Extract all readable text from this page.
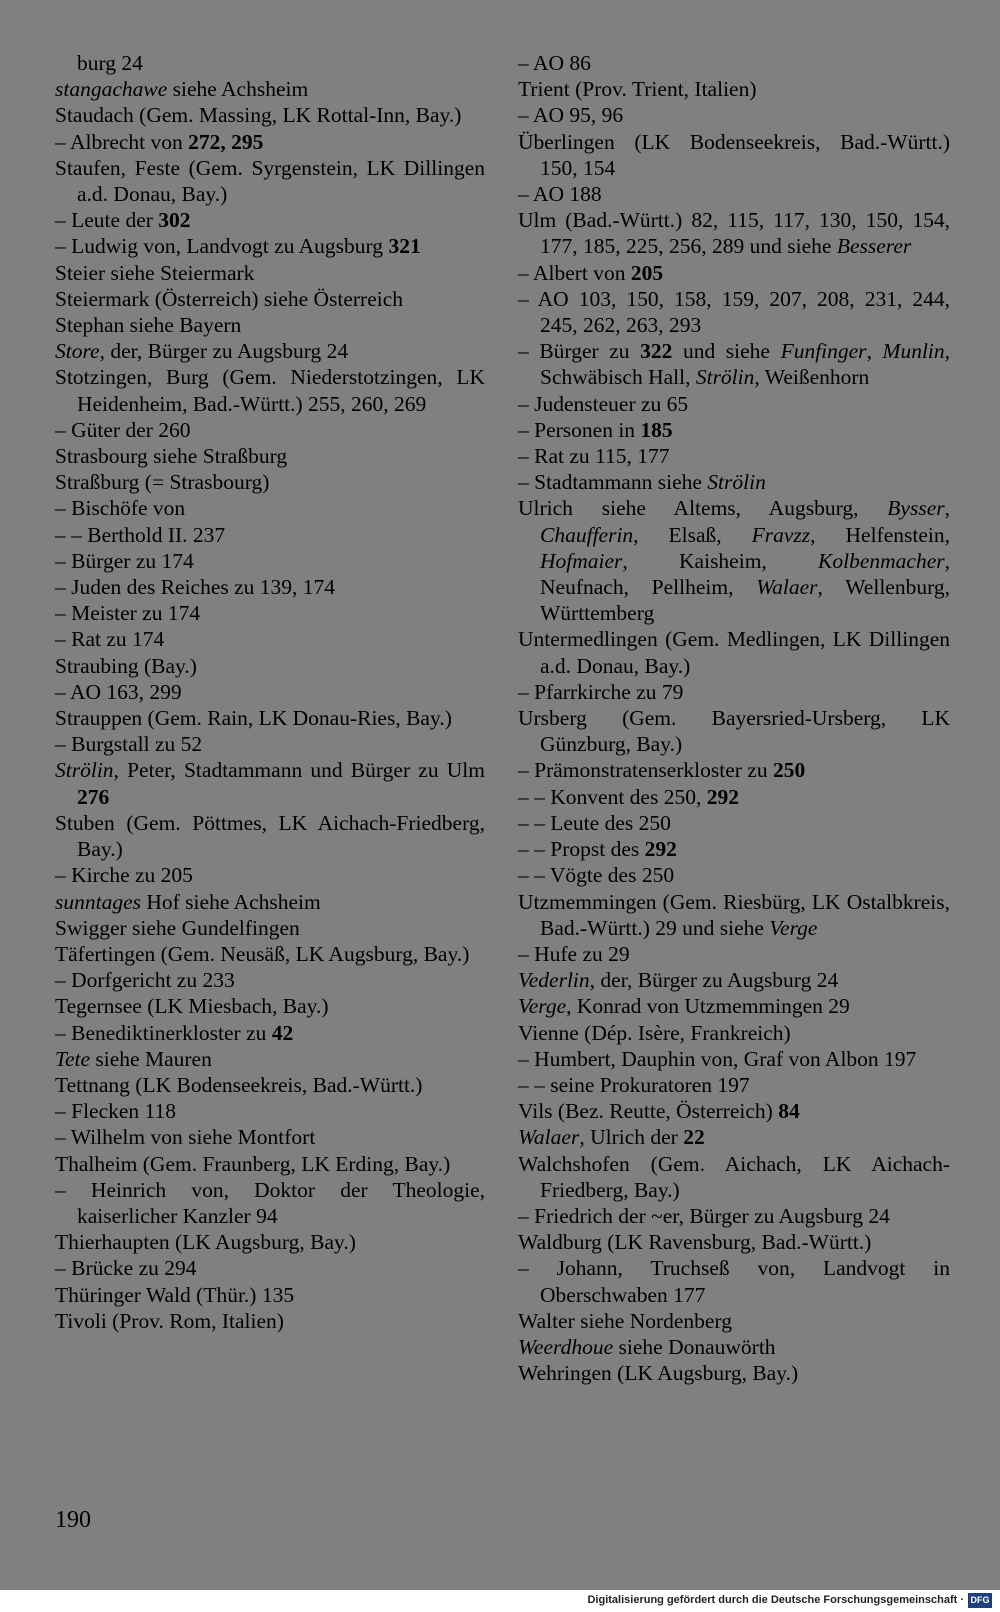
burg 24

stangachawe siehe Achsheim

Staudach (Gem. Massing, LK Rottal-Inn, Bay.)

– Albrecht von 272, 295

Staufen, Feste (Gem. Syrgenstein, LK Dillingen a.d. Donau, Bay.)

– Leute der 302

– Ludwig von, Landvogt zu Augsburg 321

Steier siehe Steiermark

Steiermark (Österreich) siehe Österreich

Stephan siehe Bayern

Store, der, Bürger zu Augsburg 24

Stotzingen, Burg (Gem. Niederstotzingen, LK Heidenheim, Bad.-Württ.) 255, 260, 269

– Güter der 260

Strasbourg siehe Straßburg

Straßburg (= Strasbourg)

– Bischöfe von

– – Berthold II. 237

– Bürger zu 174

– Juden des Reiches zu 139, 174

– Meister zu 174

– Rat zu 174

Straubing (Bay.)

– AO 163, 299

Strauppen (Gem. Rain, LK Donau-Ries, Bay.)

– Burgstall zu 52

Strölin, Peter, Stadtammann und Bürger zu Ulm 276

Stuben (Gem. Pöttmes, LK Aichach-Friedberg, Bay.)

– Kirche zu 205

sunntages Hof siehe Achsheim

Swigger siehe Gundelfingen

Täfertingen (Gem. Neusäß, LK Augsburg, Bay.)

– Dorfgericht zu 233

Tegernsee (LK Miesbach, Bay.)

– Benediktinerkloster zu 42

Tete siehe Mauren

Tettnang (LK Bodenseekreis, Bad.-Württ.)

– Flecken 118

– Wilhelm von siehe Montfort

Thalheim (Gem. Fraunberg, LK Erding, Bay.)

– Heinrich von, Doktor der Theologie, kaiserlicher Kanzler 94

Thierhaupten (LK Augsburg, Bay.)

– Brücke zu 294

Thüringer Wald (Thür.) 135

Tivoli (Prov. Rom, Italien)

– AO 86

Trient (Prov. Trient, Italien)

– AO 95, 96

Überlingen (LK Bodenseekreis, Bad.-Württ.) 150, 154

– AO 188

Ulm (Bad.-Württ.) 82, 115, 117, 130, 150, 154, 177, 185, 225, 256, 289 und siehe Besserer

– Albert von 205

– AO 103, 150, 158, 159, 207, 208, 231, 244, 245, 262, 263, 293

– Bürger zu 322 und siehe Funfinger, Munlin, Schwäbisch Hall, Strölin, Weißenhorn

– Judensteuer zu 65

– Personen in 185

– Rat zu 115, 177

– Stadtammann siehe Strölin

Ulrich siehe Altems, Augsburg, Bysser, Chaufferin, Elsaß, Fravzz, Helfenstein, Hofmaier, Kaisheim, Kolbenmacher, Neufnach, Pellheim, Walaer, Wellenburg, Württemberg

Untermedlingen (Gem. Medlingen, LK Dillingen a.d. Donau, Bay.)

– Pfarrkirche zu 79

Ursberg (Gem. Bayersried-Ursberg, LK Günzburg, Bay.)

– Prämonstratenserkloster zu 250

– – Konvent des 250, 292

– – Leute des 250

– – Propst des 292

– – Vögte des 250

Utzmemmingen (Gem. Riesbürg, LK Ostalbkreis, Bad.-Württ.) 29 und siehe Verge

– Hufe zu 29

Vederlin, der, Bürger zu Augsburg 24

Verge, Konrad von Utzmemmingen 29

Vienne (Dép. Isère, Frankreich)

– Humbert, Dauphin von, Graf von Albon 197

– – seine Prokuratoren 197

Vils (Bez. Reutte, Österreich) 84

Walaer, Ulrich der 22

Walchshofen (Gem. Aichach, LK Aichach-Friedberg, Bay.)

– Friedrich der ~er, Bürger zu Augsburg 24

Waldburg (LK Ravensburg, Bad.-Württ.)

– Johann, Truchseß von, Landvogt in Oberschwaben 177

Walter siehe Nordenberg

Weerdhoue siehe Donauwörth

Wehringen (LK Augsburg, Bay.)

190
Digitalisierung gefördert durch die Deutsche Forschungsgemeinschaft · DFG
